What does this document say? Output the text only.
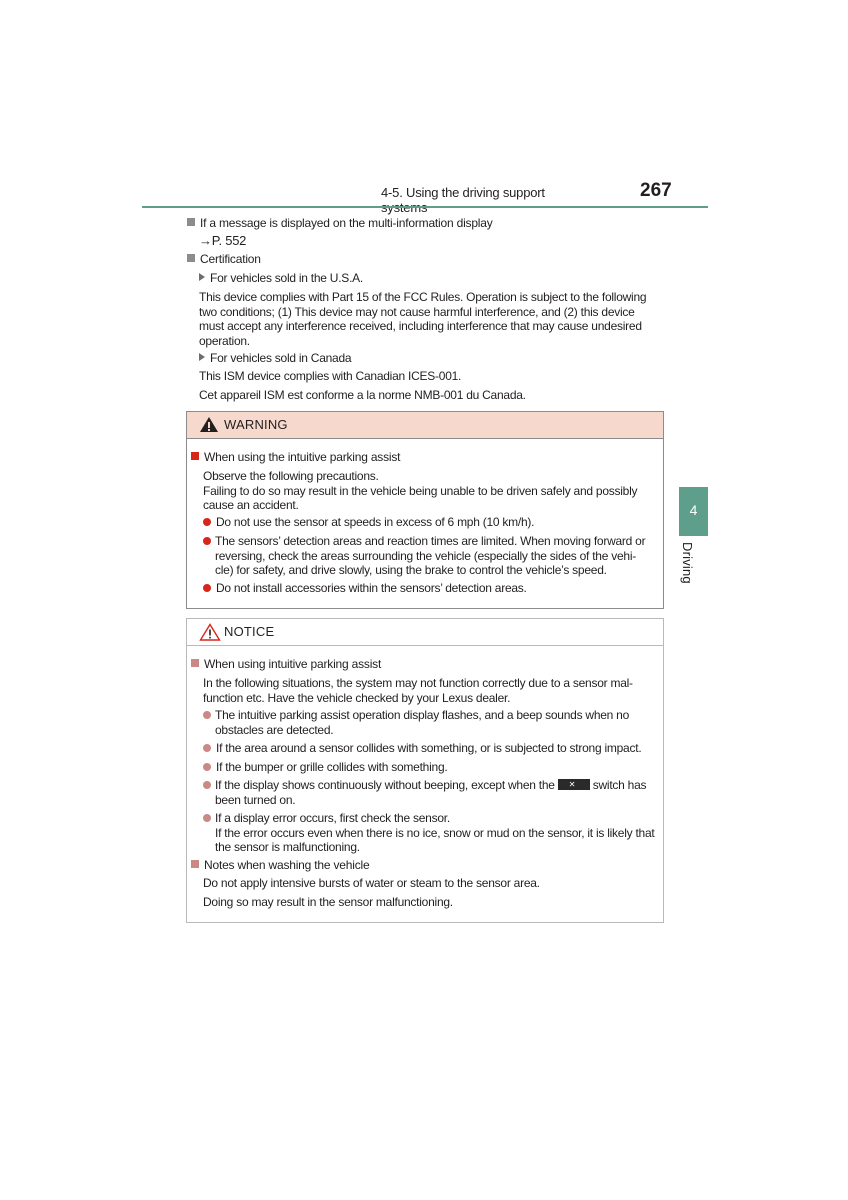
4-5. Using the driving support	267
4
Driving
If a message is displayed on the multi-information display
→P. 552
Certification
For vehicles sold in the U.S.A.
This device complies with Part 15 of the FCC Rules. Operation is subject to the following
two conditions; (1) This device may not cause harmful interference, and (2) this device
must accept any interference received, including interference that may cause undesired
operation.
For vehicles sold in Canada
This ISM device complies with Canadian ICES-001.
Cet appareil ISM est conforme a la norme NMB-001 du Canada.
WARNING
When using the intuitive parking assist
Observe the following precautions.
Failing to do so may result in the vehicle being unable to be driven safely and possibly
cause an accident.
Do not use the sensor at speeds in excess of 6 mph (10 km/h).
The sensors’ detection areas and reaction times are limited. When moving forward or
reversing, check the areas surrounding the vehicle (especially the sides of the vehi-
cle) for safety, and drive slowly, using the brake to control the vehicle’s speed.
Do not install accessories within the sensors’ detection areas.
NOTICE
When using intuitive parking assist
In the following situations, the system may not function correctly due to a sensor mal-
function etc. Have the vehicle checked by your Lexus dealer.
The intuitive parking assist operation display flashes, and a beep sounds when no
obstacles are detected.
If the area around a sensor collides with something, or is subjected to strong impact.
If the bumper or grille collides with something.
If the display shows continuously without beeping, except when the ✕ switch has
been turned on.
If a display error occurs, first check the sensor.
If the error occurs even when there is no ice, snow or mud on the sensor, it is likely that
the sensor is malfunctioning.
Notes when washing the vehicle
Do not apply intensive bursts of water or steam to the sensor area.
Doing so may result in the sensor malfunctioning.
